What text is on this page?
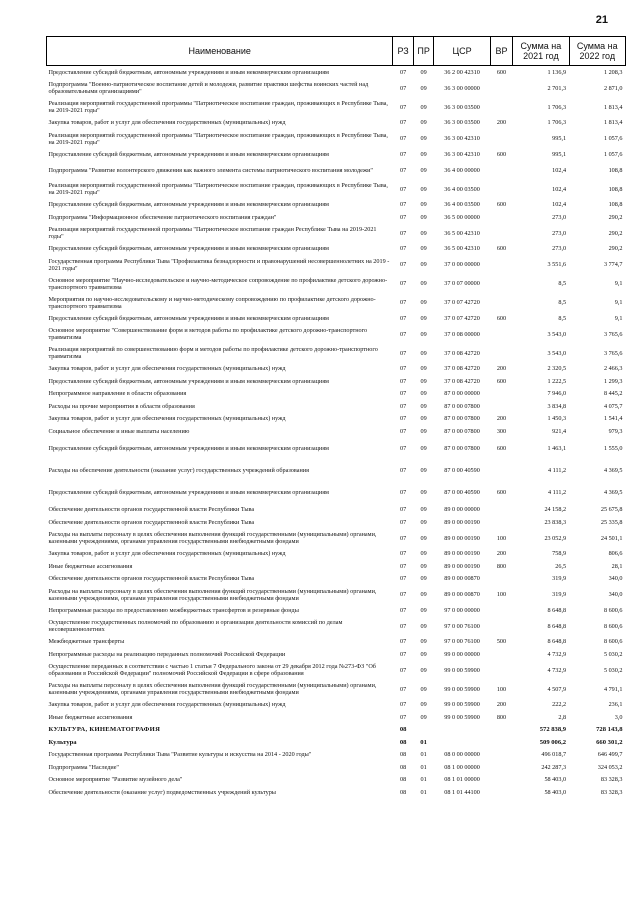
21
Наименование	РЗ	ПР	ЦСР	ВР	Сумма на 2021 год	Сумма на 2022 год
Предоставление субсидий бюджетным, автономным учреждениям и иным некоммерческим организациям	07	09	36 2 00 42310	600	1 136,9	1 208,3
Подпрограмма "Военно-патриотическое воспитание детей и молодежи, развитие практики шефства воинских частей над образовательными организациями"	07	09	36 3 00 00000		2 701,3	2 871,0
Реализация мероприятий государственной программы "Патриотическое воспитание граждан, проживающих в Республике Тыва, на 2019-2021 годы"	07	09	36 3 00 03500		1 706,3	1 813,4
Закупка товаров, работ и услуг для обеспечения государственных (муниципальных) нужд	07	09	36 3 00 03500	200	1 706,3	1 813,4
Реализация мероприятий государственной программы "Патриотическое воспитание граждан, проживающих в Республике Тыва, на 2019-2021 годы"	07	09	36 3 00 42310		995,1	1 057,6
Предоставление субсидий бюджетным, автономным учреждениям и иным некоммерческим организациям	07	09	36 3 00 42310	600	995,1	1 057,6
Подпрограмма "Развитие волонтерского движения как важного элемента системы патриотического воспитания молодежи"	07	09	36 4 00 00000		102,4	108,8
Реализация мероприятий государственной программы "Патриотическое воспитание граждан, проживающих в Республике Тыва, на 2019-2021 годы"	07	09	36 4 00 03500		102,4	108,8
Предоставление субсидий бюджетным, автономным учреждениям и иным некоммерческим организациям	07	09	36 4 00 03500	600	102,4	108,8
Подпрограмма "Информационное обеспечение патриотического воспитания граждан"	07	09	36 5 00 00000		273,0	290,2
Реализация мероприятий государственной программы "Патриотическое воспитание граждан Республике Тыва на 2019-2021 годы"	07	09	36 5 00 42310		273,0	290,2
Предоставление субсидий бюджетным, автономным учреждениям и иным некоммерческим организациям	07	09	36 5 00 42310	600	273,0	290,2
Государственная программа Республики Тыва "Профилактика безнадзорности и правонарушений несовершеннолетних на 2019 - 2021 годы"	07	09	37 0 00 00000		3 551,6	3 774,7
Основное мероприятие "Научно-исследовательское и научно-методическое сопровождение по профилактике детского дорожно-транспортного травматизма	07	09	37 0 07 00000		8,5	9,1
Мероприятия по научно-исследовательскому и научно-методическому сопровождению по профилактике детского дорожно-транспортного травматизма	07	09	37 0 07 42720		8,5	9,1
Предоставление субсидий бюджетным, автономным учреждениям и иным некоммерческим организациям	07	09	37 0 07 42720	600	8,5	9,1
Основное мероприятие "Совершенствование форм и методов работы по профилактике детского дорожно-транспортного травматизма	07	09	37 0 08 00000		3 543,0	3 765,6
Реализация мероприятий по совершенствованию форм и методов работы по профилактике детского дорожно-транспортного травматизма	07	09	37 0 08 42720		3 543,0	3 765,6
Закупка товаров, работ и услуг для обеспечения государственных (муниципальных) нужд	07	09	37 0 08 42720	200	2 320,5	2 466,3
Предоставление субсидий бюджетным, автономным учреждениям и иным некоммерческим организациям	07	09	37 0 08 42720	600	1 222,5	1 299,3
Непрограммное направление в области образования	07	09	87 0 00 00000		7 946,0	8 445,2
Расходы на прочие мероприятия в области образования	07	09	87 0 00 07800		3 834,8	4 075,7
Закупка товаров, работ и услуг для обеспечения государственных (муниципальных) нужд	07	09	87 0 00 07800	200	1 450,3	1 541,4
Социальное обеспечение и иные выплаты населению	07	09	87 0 00 07800	300	921,4	979,3
Предоставление субсидий бюджетным, автономным учреждениям и иным некоммерческим организациям	07	09	87 0 00 07800	600	1 463,1	1 555,0
Расходы на обеспечение деятельности (оказание услуг) государственных учреждений образования	07	09	87 0 00 40590		4 111,2	4 369,5
Предоставление субсидий бюджетным, автономным учреждениям и иным некоммерческим организациям	07	09	87 0 00 40590	600	4 111,2	4 369,5
Обеспечение деятельности органов государственной власти Республики Тыва	07	09	89 0 00 00000		24 158,2	25 675,8
Обеспечение деятельности органов государственной власти Республики Тыва	07	09	89 0 00 00190		23 838,3	25 335,8
Расходы на выплаты персоналу в целях обеспечения выполнения функций государственными (муниципальными) органами, казенными учреждениями, органами управления государственными внебюджетными фондами	07	09	89 0 00 00190	100	23 052,9	24 501,1
Закупка товаров, работ и услуг для обеспечения государственных (муниципальных) нужд	07	09	89 0 00 00190	200	758,9	806,6
Иные бюджетные ассигнования	07	09	89 0 00 00190	800	26,5	28,1
Обеспечение деятельности органов государственной власти Республики Тыва	07	09	89 0 00 00870		319,9	340,0
Расходы на выплаты персоналу в целях обеспечения выполнения функций государственными (муниципальными) органами, казенными учреждениями, органами управления государственными внебюджетными фондами	07	09	89 0 00 00870	100	319,9	340,0
Непрограммные расходы по предоставлению межбюджетных трансфертов и резервные фонды	07	09	97 0 00 00000		8 648,8	8 600,6
Осуществление государственных полномочий по образованию и организации деятельности комиссий по делам несовершеннолетних	07	09	97 0 00 76100		8 648,8	8 600,6
Межбюджетные трансферты	07	09	97 0 00 76100	500	8 648,8	8 600,6
Непрограммные расходы на реализацию переданных полномочий Российской Федерации	07	09	99 0 00 00000		4 732,9	5 030,2
Осуществление переданных в соответствии с частью 1 статьи 7 Федерального закона от 29 декабря 2012 года №273-ФЗ "Об образовании в Российской Федерации" полномочий Российской Федерации в сфере образования	07	09	99 0 00 59900		4 732,9	5 030,2
Расходы на выплаты персоналу в целях обеспечения выполнения функций государственными (муниципальными) органами, казенными учреждениями, органами управления государственными внебюджетными фондами	07	09	99 0 00 59900	100	4 507,9	4 791,1
Закупка товаров, работ и услуг для обеспечения государственных (муниципальных) нужд	07	09	99 0 00 59900	200	222,2	236,1
Иные бюджетные ассигнования	07	09	99 0 00 59900	800	2,8	3,0
КУЛЬТУРА, КИНЕМАТОГРАФИЯ	08				572 838,9	728 143,8
Культура	08	01			509 006,2	660 301,2
Государственная программа Республики Тыва "Развитие культуры и искусства на 2014 - 2020 годы"	08	01	08 0 00 00000		496 018,7	646 499,7
Подпрограмма "Наследие"	08	01	08 1 00 00000		242 287,3	324 053,2
Основное мероприятие "Развитие музейного дела"	08	01	08 1 01 00000		58 403,0	83 328,3
Обеспечение деятельности (оказание услуг) подведомственных учреждений культуры	08	01	08 1 01 44100		58 403,0	83 328,3
